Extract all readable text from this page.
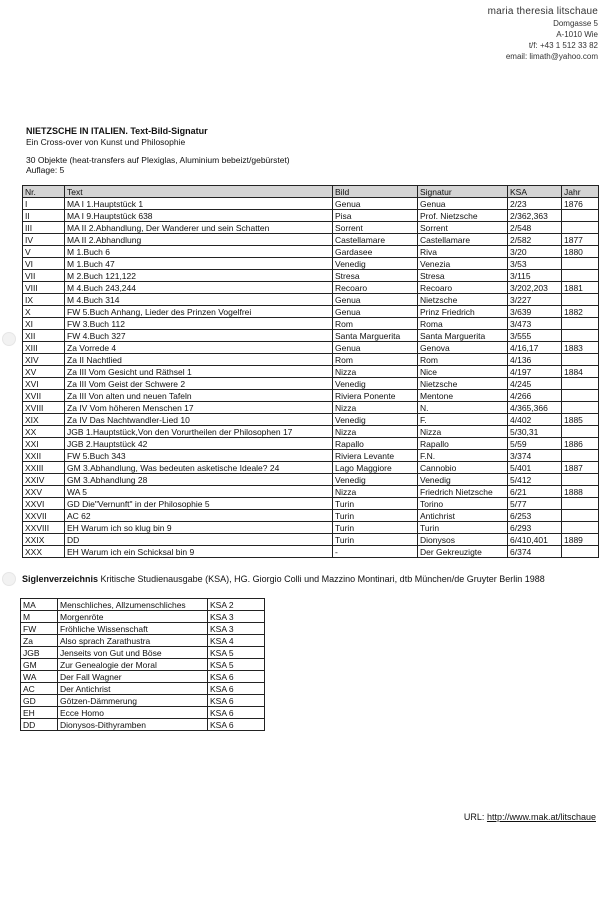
maria theresia litschaue
Domgasse 5
A-1010 Wie
t/f: +43 1 512 33 82
email: limath@yahoo.com
NIETZSCHE IN ITALIEN. Text-Bild-Signatur
Ein Cross-over von Kunst und Philosophie
30 Objekte (heat-transfers auf Plexiglas, Aluminium bebeizt/gebürstet)
Auflage: 5
Nr.	Text	Bild	Signatur	KSA	Jahr
I	MA I 1.Hauptstück 1	Genua	Genua	2/23	1876
II	MA I 9.Hauptstück 638	Pisa	Prof. Nietzsche	2/362,363	
III	MA II 2.Abhandlung, Der Wanderer und sein Schatten	Sorrent	Sorrent	2/548	
IV	MA II 2.Abhandlung	Castellamare	Castellamare	2/582	1877
V	M 1.Buch 6	Gardasee	Riva	3/20	1880
VI	M 1.Buch 47	Venedig	Venezia	3/53	
VII	M 2.Buch 121,122	Stresa	Stresa	3/115	
VIII	M 4.Buch 243,244	Recoaro	Recoaro	3/202,203	1881
IX	M 4.Buch 314	Genua	Nietzsche	3/227	
X	FW 5.Buch Anhang, Lieder des Prinzen Vogelfrei	Genua	Prinz Friedrich	3/639	1882
XI	FW 3.Buch 112	Rom	Roma	3/473	
XII	FW 4.Buch 327	Santa Marguerita	Santa Marguerita	3/555	
XIII	Za Vorrede 4	Genua	Genova	4/16,17	1883
XIV	Za II Nachtlied	Rom	Rom	4/136	
XV	Za III Vom Gesicht und Räthsel 1	Nizza	Nice	4/197	1884
XVI	Za III Vom Geist der Schwere 2	Venedig	Nietzsche	4/245	
XVII	Za III Von alten und neuen Tafeln	Riviera Ponente	Mentone	4/266	
XVIII	Za IV Vom höheren Menschen 17	Nizza	N.	4/365,366	
XIX	Za IV Das Nachtwandler-Lied 10	Venedig	F.	4/402	1885
XX	JGB 1.Hauptstück,Von den Vorurtheilen der Philosophen 17	Nizza	Nizza	5/30,31	
XXI	JGB 2.Hauptstück 42	Rapallo	Rapallo	5/59	1886
XXII	FW 5.Buch 343	Riviera Levante	F.N.	3/374	
XXIII	GM 3.Abhandlung, Was bedeuten asketische Ideale? 24	Lago Maggiore	Cannobio	5/401	1887
XXIV	GM 3.Abhandlung 28	Venedig	Venedig	5/412	
XXV	WA 5	Nizza	Friedrich Nietzsche	6/21	1888
XXVI	GD Die"Vernunft" in der Philosophie 5	Turin	Torino	5/77	
XXVII	AC 62	Turin	Antichrist	6/253	
XXVIII	EH Warum ich so klug bin 9	Turin	Turin	6/293	
XXIX	DD	Turin	Dionysos	6/410,401	1889
XXX	EH Warum ich ein Schicksal bin 9	-	Der Gekreuzigte	6/374	
Siglenverzeichnis Kritische Studienausgabe (KSA), HG. Giorgio Colli und Mazzino Montinari, dtb München/de Gruyter Berlin 1988
MA	Menschliches, Allzumenschliches	KSA 2
M	Morgenröte	KSA 3
FW	Fröhliche Wissenschaft	KSA 3
Za	Also sprach Zarathustra	KSA 4
JGB	Jenseits von Gut und Böse	KSA 5
GM	Zur Genealogie der Moral	KSA 5
WA	Der Fall Wagner	KSA 6
AC	Der Antichrist	KSA 6
GD	Götzen-Dämmerung	KSA 6
EH	Ecce Homo	KSA 6
DD	Dionysos-Dithyramben	KSA 6
URL: http://www.mak.at/litschaue
